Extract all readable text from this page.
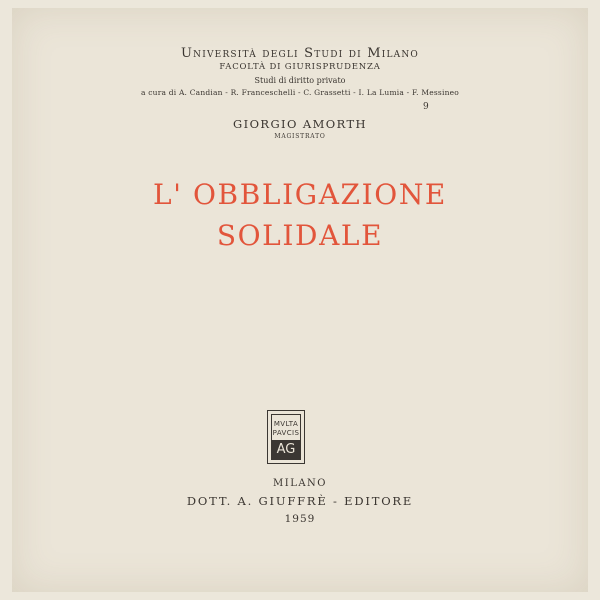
Università degli Studi di Milano
FACOLTÀ DI GIURISPRUDENZA
Studi di diritto privato
a cura di A. Candian - R. Franceschelli - C. Grassetti - I. La Lumia - F. Messineo
9
GIORGIO AMORTH
MAGISTRATO
L' OBBLIGAZIONE
SOLIDALE
MVLTA
PAVCIS
AG
MILANO
DOTT. A. GIUFFRÈ - EDITORE
1959
